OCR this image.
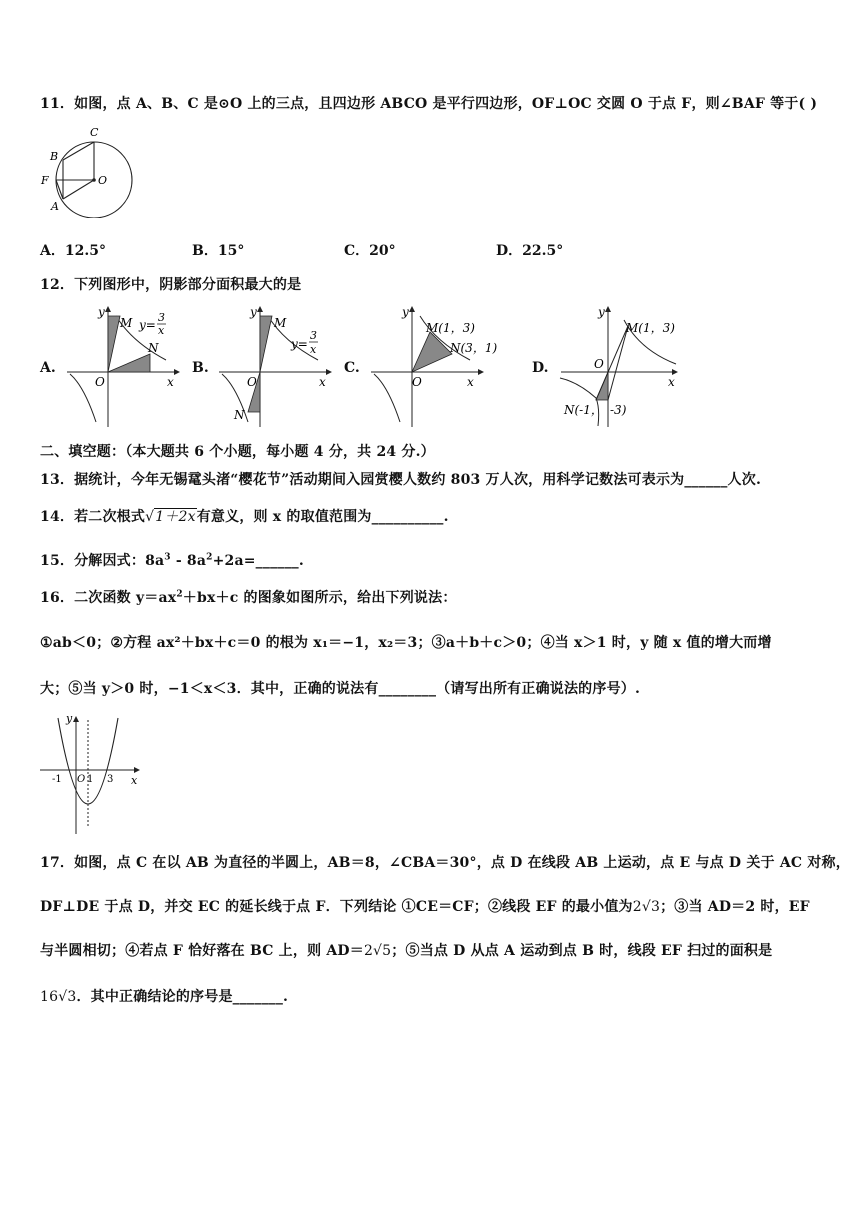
11．如图，点 A、B、C 是⊙O 上的三点，且四边形 ABCO 是平行四边形，OF⊥OC 交圆 O 于点 F，则∠BAF 等于( )
C
B
F	O
A
A．12.5°	B．15°	C．20°	D．22.5°
12．下列图形中，阴影部分面积最大的是
A.
y
M y=
3
x
N
O	x
B.
y
M
y=
3
x
N
O	x
C.
y
M(1，3)
N(3，1)
O	x
D.
y
M(1，3)
O
x
N(-1， -3)
二、填空题：（本大题共 6 个小题，每小题 4 分，共 24 分.）
13．据统计，今年无锡鼋头渚“樱花节”活动期间入园赏樱人数约 803 万人次，用科学记数法可表示为______人次.
14．若二次根式√1＋2x有意义，则 x 的取值范围为__________.
15．分解因式：$8a^3$ - $8a^2+2a=\_\_\_\_\_\_$.
16．二次函数 $y=ax^2+bx+c$ 的图象如图所示，给出下列说法：
①ab＜0；②方程 ax²＋bx＋c＝0 的根为 x₁＝−1，x₂＝3；③a＋b＋c＞0；④当 x＞1 时，y 随 x 值的增大而增
大；⑤当 y＞0 时，−1＜x＜3．其中，正确的说法有________（请写出所有正确说法的序号）.
y
-1 O 1 3 x
17．如图，点 C 在以 AB 为直径的半圆上，AB＝8，∠CBA＝30°，点 D 在线段 AB 上运动，点 E 与点 D 关于 AC 对称，
DF⊥DE 于点 D，并交 EC 的延长线于点 F．下列结论 ①CE＝CF；②线段 EF 的最小值为2√3；③当 AD＝2 时，EF
与半圆相切；④若点 F 恰好落在 BC 上，则 AD＝2√5；⑤当点 D 从点 A 运动到点 B 时，线段 EF 扫过的面积是
16√3．其中正确结论的序号是_______.
